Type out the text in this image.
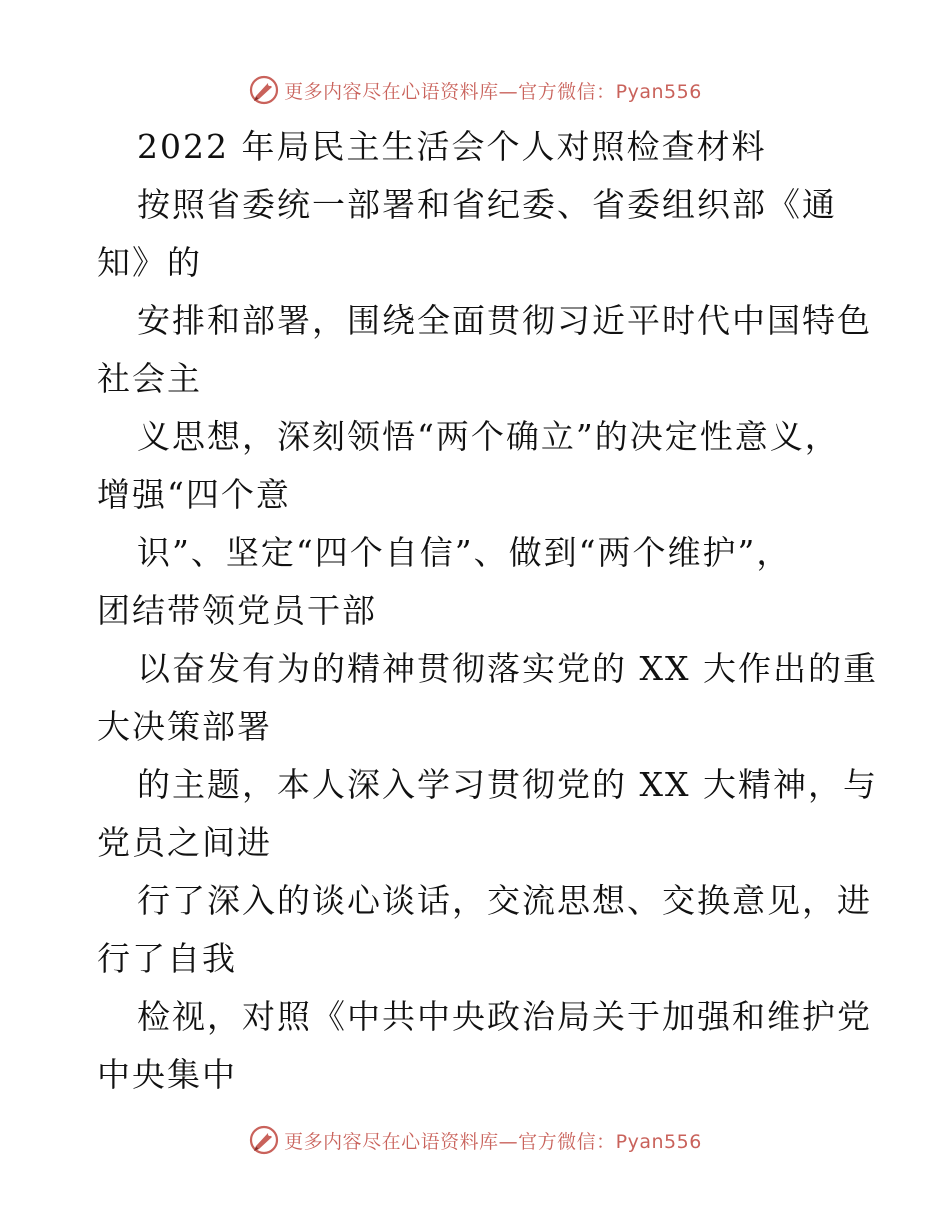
更多内容尽在心语资料库—官方微信：Pyan556
2022 年局民主生活会个人对照检查材料
按照省委统一部署和省纪委、省委组织部《通
知》的
安排和部署，围绕全面贯彻习近平时代中国特色
社会主
义思想，深刻领悟“两个确立”的决定性意义，
增强“四个意
识”、坚定“四个自信”、做到“两个维护”，
团结带领党员干部
以奋发有为的精神贯彻落实党的 XX 大作出的重
大决策部署
的主题，本人深入学习贯彻党的 XX 大精神，与
党员之间进
行了深入的谈心谈话，交流思想、交换意见，进
行了自我
检视，对照《中共中央政治局关于加强和维护党
中央集中
更多内容尽在心语资料库—官方微信：Pyan556
